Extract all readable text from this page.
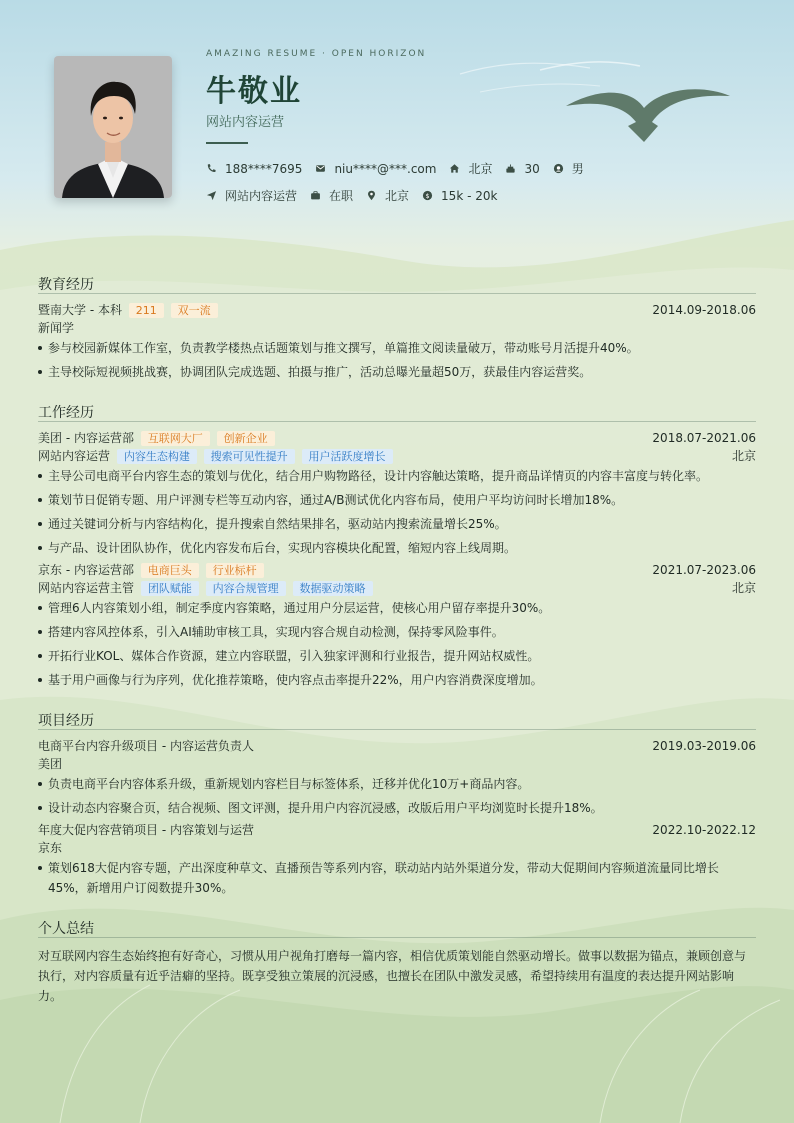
AMAZING RESUME · OPEN HORIZON
牛敬业
网站内容运营
188****7695	niu****@***.com	北京	30	男
网站内容运营	在职	北京 $ 15k - 20k
教育经历
暨南大学 - 本科 211 双一流	2014.09-2018.06
新闻学
参与校园新媒体工作室，负责教学楼热点话题策划与推文撰写，单篇推文阅读量破万，带动账号月活提升40%。
主导校际短视频挑战赛，协调团队完成选题、拍摄与推广，活动总曝光量超50万，获最佳内容运营奖。
工作经历
美团 - 内容运营部 互联网大厂 创新企业	2018.07-2021.06
网站内容运营 内容生态构建 搜索可见性提升 用户活跃度增长	北京
主导公司电商平台内容生态的策划与优化，结合用户购物路径，设计内容触达策略，提升商品详情页的内容丰富度与转化率。
策划节日促销专题、用户评测专栏等互动内容，通过A/B测试优化内容布局，使用户平均访问时长增加18%。
通过关键词分析与内容结构化，提升搜索自然结果排名，驱动站内搜索流量增长25%。
与产品、设计团队协作，优化内容发布后台，实现内容模块化配置，缩短内容上线周期。
京东 - 内容运营部 电商巨头 行业标杆	2021.07-2023.06
网站内容运营主管 团队赋能 内容合规管理 数据驱动策略	北京
管理6人内容策划小组，制定季度内容策略，通过用户分层运营，使核心用户留存率提升30%。
搭建内容风控体系，引入AI辅助审核工具，实现内容合规自动检测，保持零风险事件。
开拓行业KOL、媒体合作资源，建立内容联盟，引入独家评测和行业报告，提升网站权威性。
基于用户画像与行为序列，优化推荐策略，使内容点击率提升22%，用户内容消费深度增加。
项目经历
电商平台内容升级项目 - 内容运营负责人	2019.03-2019.06
美团
负责电商平台内容体系升级，重新规划内容栏目与标签体系，迁移并优化10万+商品内容。
设计动态内容聚合页，结合视频、图文评测，提升用户内容沉浸感，改版后用户平均浏览时长提升18%。
年度大促内容营销项目 - 内容策划与运营	2022.10-2022.12
京东
策划618大促内容专题，产出深度种草文、直播预告等系列内容，联动站内站外渠道分发，带动大促期间内容频道流量同比增长45%，新增用户订阅数提升30%。
个人总结
对互联网内容生态始终抱有好奇心，习惯从用户视角打磨每一篇内容，相信优质策划能自然驱动增长。做事以数据为锚点，兼顾创意与执行，对内容质量有近乎洁癖的坚持。既享受独立策展的沉浸感，也擅长在团队中激发灵感，希望持续用有温度的表达提升网站影响力。
